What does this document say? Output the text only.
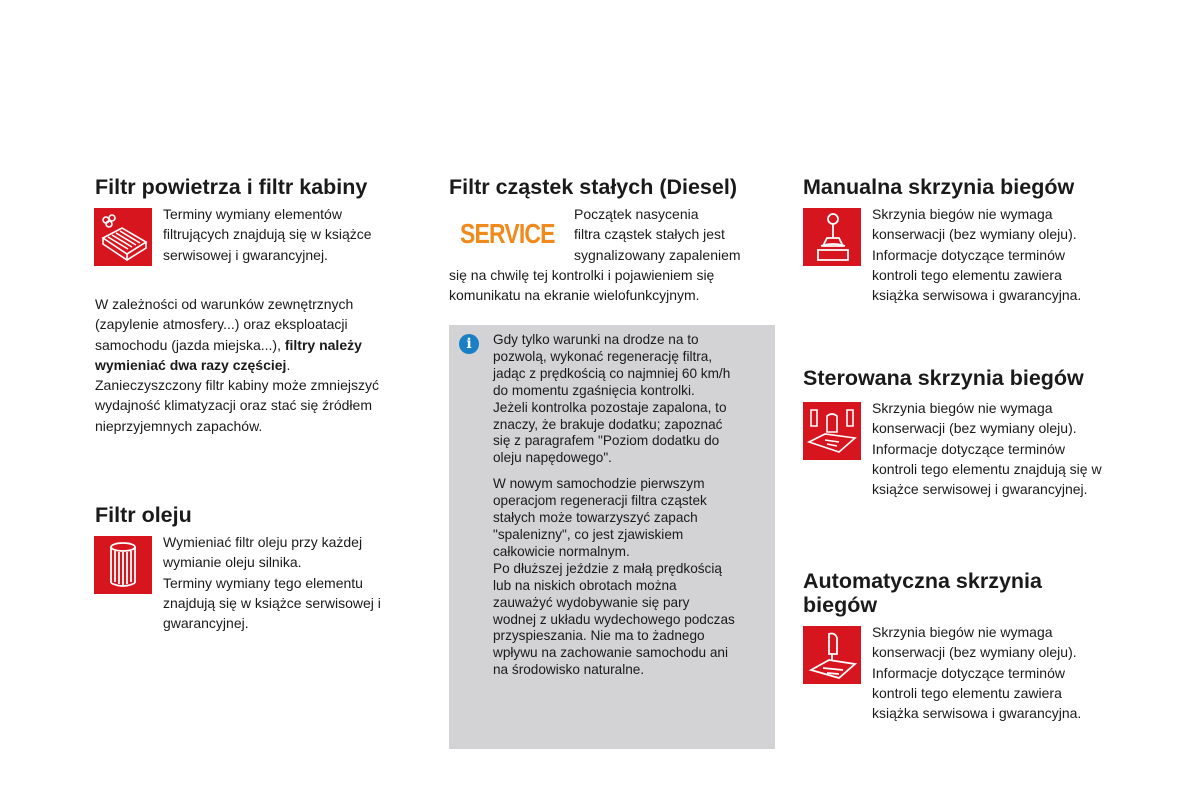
Filtr powietrza i filtr kabiny
Terminy wymiany elementów
filtrujących znajdują się w książce
serwisowej i gwarancyjnej.
W zależności od warunków zewnętrznych
(zapylenie atmosfery...) oraz eksploatacji
samochodu (jazda miejska...), filtry należy
wymieniać dwa razy częściej.
Zanieczyszczony filtr kabiny może zmniejszyć
wydajność klimatyzacji oraz stać się źródłem
nieprzyjemnych zapachów.
Filtr oleju
Wymieniać filtr oleju przy każdej
wymianie oleju silnika.
Terminy wymiany tego elementu
znajdują się w książce serwisowej i
gwarancyjnej.
Filtr cząstek stałych (Diesel)
SERVICE
Początek nasycenia
filtra cząstek stałych jest
sygnalizowany zapaleniem
się na chwilę tej kontrolki i pojawieniem się
komunikatu na ekranie wielofunkcyjnym.
i	Gdy tylko warunki na drodze na to
pozwolą, wykonać regenerację filtra,
jadąc z prędkością co najmniej 60 km/h
do momentu zgaśnięcia kontrolki.
Jeżeli kontrolka pozostaje zapalona, to
znaczy, że brakuje dodatku; zapoznać
się z paragrafem "Poziom dodatku do
oleju napędowego".
W nowym samochodzie pierwszym
operacjom regeneracji filtra cząstek
stałych może towarzyszyć zapach
"spalenizny", co jest zjawiskiem
całkowicie normalnym.
Po dłuższej jeździe z małą prędkością
lub na niskich obrotach można
zauważyć wydobywanie się pary
wodnej z układu wydechowego podczas
przyspieszania. Nie ma to żadnego
wpływu na zachowanie samochodu ani
na środowisko naturalne.
Manualna skrzynia biegów
Skrzynia biegów nie wymaga
konserwacji (bez wymiany oleju).
Informacje dotyczące terminów
kontroli tego elementu zawiera
książka serwisowa i gwarancyjna.
Sterowana skrzynia biegów
Skrzynia biegów nie wymaga
konserwacji (bez wymiany oleju).
Informacje dotyczące terminów
kontroli tego elementu znajdują się w
książce serwisowej i gwarancyjnej.
Automatyczna skrzynia
biegów
Skrzynia biegów nie wymaga
konserwacji (bez wymiany oleju).
Informacje dotyczące terminów
kontroli tego elementu zawiera
książka serwisowa i gwarancyjna.
